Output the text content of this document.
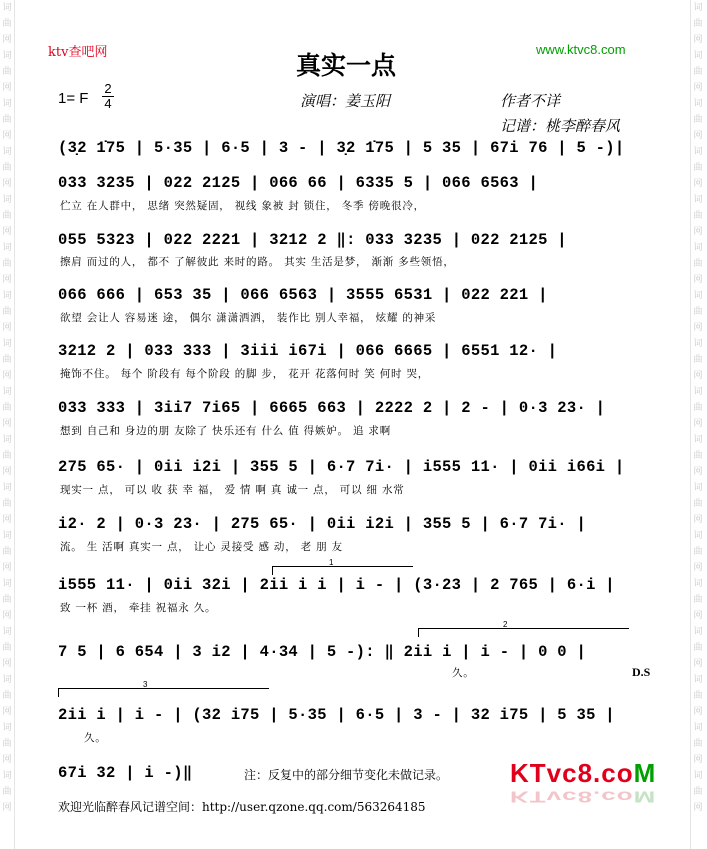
词
曲
网
词
曲
网
词
曲
网
词
曲
网
词
曲
网
词
曲
网
词
曲
网
词
曲
网
词
曲
网
词
曲
网
词
曲
网
词
曲
网
词
曲
网
词
曲
网
词
曲
网
词
曲
网
词
曲
网
词
曲
网
词
曲
网
词
曲
网
词
曲
网
词
曲
网
词
曲
网
词
曲
网
词
曲
网
词
曲
网
词
曲
网
词
曲
网
词
曲
网
词
曲
网
词
曲
网
词
曲
网
词
曲
网
词
曲
网
ktv查吧网	www.ktvc8.com
真实一点
1= F
2
4	演唱：姜玉阳	作者不详
记谱：桃李醉春风
(3̣2 1̇75 | 5·35 | 6·5 | 3 - | 3̣2 1̇75 | 5 35 | 67i 76 | 5 -)|
033 3235 | 022 2125 | 066 66 | 6335 5 | 066 6563 |
伫立 在人群中， 思绪 突然疑固， 视线 象被 封 锁住， 冬季 傍晚很冷，
055 5323 | 022 2221 | 3212 2 ‖: 033 3235 | 022 2125 |
擦肩 而过的人， 都不 了解彼此 来时的路。 其实 生活是梦， 渐渐 多些领悟，
066 666 | 653 35 | 066 6563 | 3555 6531 | 022 221 |
欲望 会让人 容易迷 途， 偶尔 潇潇洒洒， 装作比 别人幸福， 炫耀 的神采
3212 2 | 033 333 | 3iii i67i | 066 6665 | 6551 12· |
掩饰不住。 每个 阶段有 每个阶段 的脚 步， 花开 花落何时 笑 何时 哭，
033 333 | 3ii7 7i65 | 6665 663 | 2222 2 | 2 - | 0·3 23· |
想到 自己和 身边的朋 友除了 快乐还有 什么 值 得嫉妒。 追 求啊
275 65· | 0ii i2i | 355 5 | 6·7 7i· | i555 11· | 0ii i66i |
现实一 点， 可以 收 获 幸 福， 爱 情 啊 真 诚一 点， 可以 细 水常
i2· 2 | 0·3 23· | 275 65· | 0ii i2i | 355 5 | 6·7 7i· |
流。 生 活啊 真实一 点， 让心 灵接受 感 动， 老 朋 友
1
i555 11· | 0ii 32i | 2ii i i | i - | (3·23 | 2 765 | 6·i |
致 一杯 酒， 牵挂 祝福永 久。
2
7 5 | 6 654 | 3 i2 | 4·34 | 5 -): ‖ 2ii i | i - | 0 0 |
久。	D.S
3
2ii i | i - | (32 i75 | 5·35 | 6·5 | 3 - | 32 i75 | 5 35 |
久。
67i 32 | i -)‖	注：反复中的部分细节变化未做记录。 KTvc8.coM
KTvc8.coM
欢迎光临醉春风记谱空间：http://user.qzone.qq.com/563264185
